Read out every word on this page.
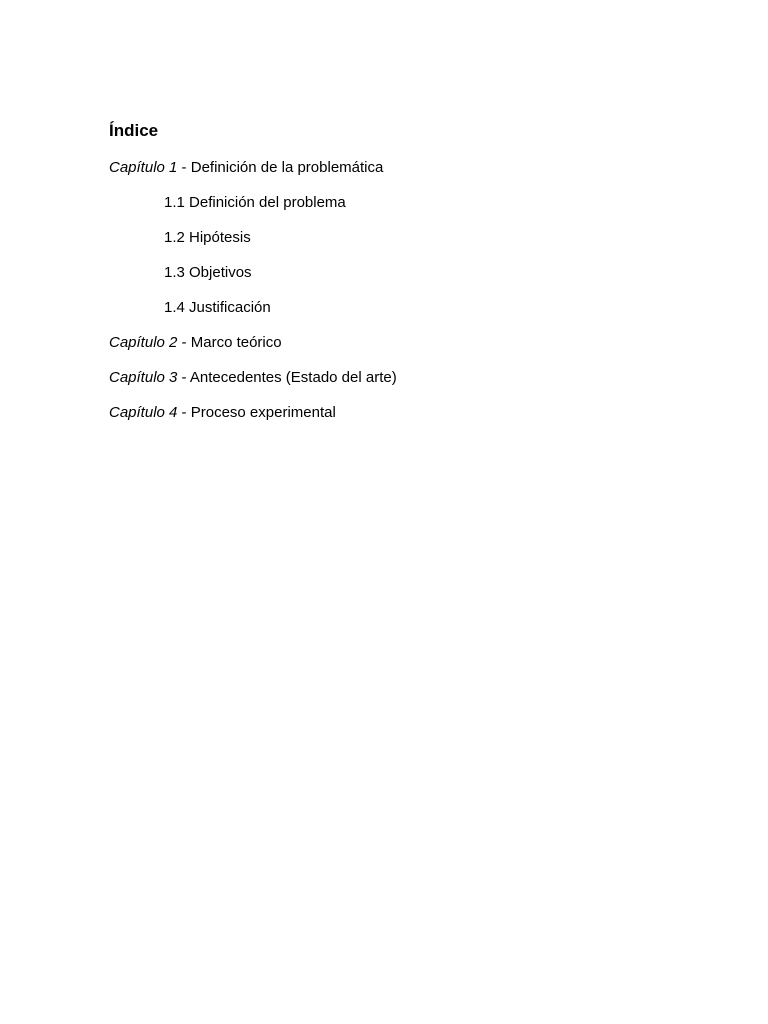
Índice
Capítulo 1 - Definición de la problemática
1.1 Definición del problema
1.2 Hipótesis
1.3 Objetivos
1.4 Justificación
Capítulo 2 - Marco teórico
Capítulo 3 - Antecedentes (Estado del arte)
Capítulo 4 - Proceso experimental
